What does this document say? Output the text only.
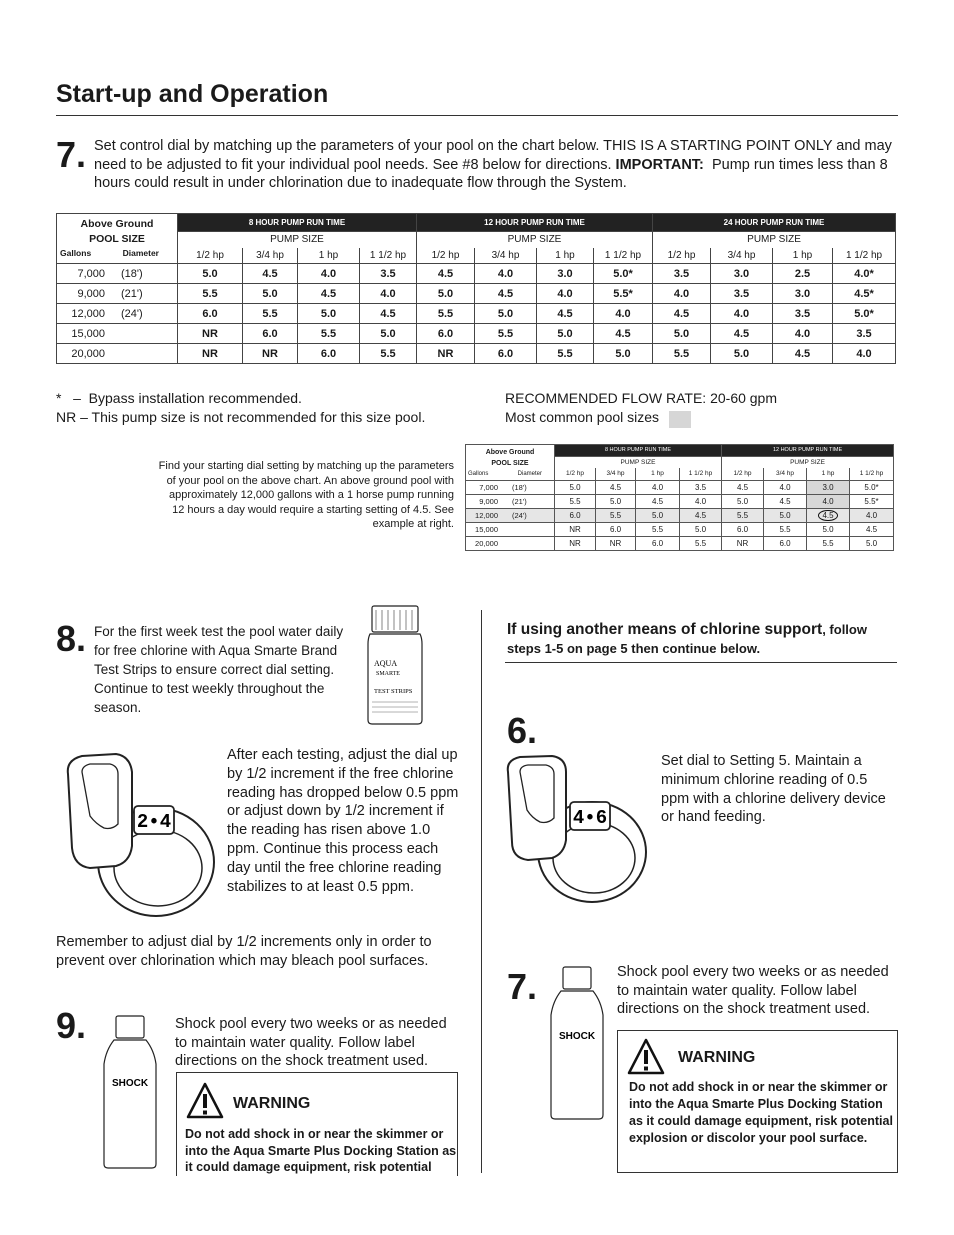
Start-up and Operation
7. Set control dial by matching up the parameters of your pool on the chart below. THIS IS A STARTING POINT ONLY and may need to be adjusted to fit your individual pool needs. See #8 below for directions. IMPORTANT: Pump run times less than 8 hours could result in under chlorination due to inadequate flow through the System.
Above Ground
POOL SIZE
Gallons Diameter	8 HOUR PUMP RUN TIME				12 HOUR PUMP RUN TIME				24 HOUR PUMP RUN TIME			
	PUMP SIZE				PUMP SIZE				PUMP SIZE			
	1/2 hp	3/4 hp	1 hp	1 1/2 hp	1/2 hp	3/4 hp	1 hp	1 1/2 hp	1/2 hp	3/4 hp	1 hp	1 1/2 hp
7,000 (18')	5.0	4.5	4.0	3.5	4.5	4.0	3.0	5.0*	3.5	3.0	2.5	4.0*
9,000 (21')	5.5	5.0	4.5	4.0	5.0	4.5	4.0	5.5*	4.0	3.5	3.0	4.5*
12,000 (24')	6.0	5.5	5.0	4.5	5.5	5.0	4.5	4.0	4.5	4.0	3.5	5.0*
15,000	NR	6.0	5.5	5.0	6.0	5.5	5.0	4.5	5.0	4.5	4.0	3.5
20,000	NR	NR	6.0	5.5	NR	6.0	5.5	5.0	5.5	5.0	4.5	4.0
*   –  Bypass installation recommended.
NR – This pump size is not recommended for this size pool.
RECOMMENDED FLOW RATE: 20-60 gpm
Most common pool sizes
Find your starting dial setting by matching up the parameters of your pool on the above chart. An above ground pool with approximately 12,000 gallons with a 1 horse pump running 12 hours a day would require a starting setting of 4.5. See example at right.
Above Ground
POOL SIZE
Gallons Diameter	8 HOUR PUMP RUN TIME				12 HOUR PUMP RUN TIME			
	PUMP SIZE				PUMP SIZE			
	1/2 hp	3/4 hp	1 hp	1 1/2 hp	1/2 hp	3/4 hp	1 hp	1 1/2 hp
7,000 (18')	5.0	4.5	4.0	3.5	4.5	4.0	3.0	5.0*
9,000 (21')	5.5	5.0	4.5	4.0	5.0	4.5	4.0	5.5*
12,000 (24')	6.0	5.5	5.0	4.5	5.5	5.0	4.5	4.0
15,000	NR	6.0	5.5	5.0	6.0	5.5	5.0	4.5
20,000	NR	NR	6.0	5.5	NR	6.0	5.5	5.0
8. For the first week test the pool water daily for free chlorine with Aqua Smarte Brand Test Strips to ensure correct dial setting. Continue to test weekly throughout the season.
AQUA
SMARTE
TEST STRIPS
2•4
After each testing, adjust the dial up by 1/2 increment if the free chlorine reading has dropped below 0.5 ppm or adjust down by 1/2 increment if the reading has risen above 1.0 ppm. Continue this process each day until the free chlorine reading stabilizes to at least 0.5 ppm.
Remember to adjust dial by 1/2 increments only in order to prevent over chlorination which may bleach pool surfaces.
9.
SHOCK
Shock pool every two weeks or as needed to maintain water quality. Follow label directions on the shock treatment used.
WARNING
Do not add shock in or near the skimmer or into the Aqua Smarte Plus Docking Station as it could damage equipment, risk potential
If using another means of chlorine support, follow steps 1-5 on page 5 then continue below.
6.
4•6
Set dial to Setting 5. Maintain a minimum chlorine reading of 0.5 ppm with a chlorine delivery device or hand feeding.
7.
SHOCK
Shock pool every two weeks or as needed to maintain water quality. Follow label directions on the shock treatment used.
WARNING
Do not add shock in or near the skimmer or into the Aqua Smarte Plus Docking Station as it could damage equipment, risk potential explosion or discolor your pool surface.
